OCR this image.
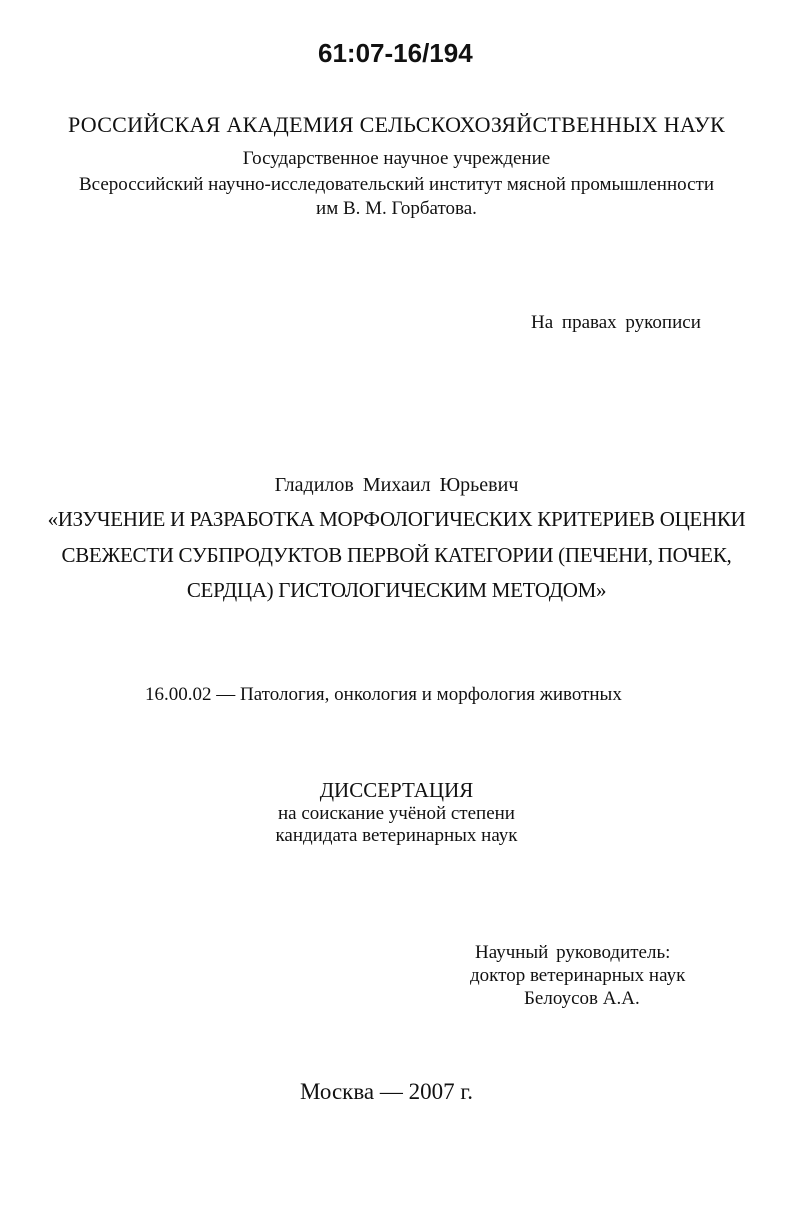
61:07-16/194
РОССИЙСКАЯ АКАДЕМИЯ СЕЛЬСКОХОЗЯЙСТВЕННЫХ НАУК
Государственное научное учреждение
Всероссийский научно-исследовательский институт мясной промышленности
им В. М. Горбатова.
На правах рукописи
Гладилов Михаил Юрьевич
«ИЗУЧЕНИЕ И РАЗРАБОТКА МОРФОЛОГИЧЕСКИХ КРИТЕРИЕВ ОЦЕНКИ
СВЕЖЕСТИ СУБПРОДУКТОВ ПЕРВОЙ КАТЕГОРИИ (ПЕЧЕНИ, ПОЧЕК,
СЕРДЦА) ГИСТОЛОГИЧЕСКИМ МЕТОДОМ»
16.00.02 — Патология, онкология и морфология животных
ДИССЕРТАЦИЯ
на соискание учёной степени
кандидата ветеринарных наук
Научный руководитель:
доктор ветеринарных наук
Белоусов А.А.
Москва — 2007 г.
